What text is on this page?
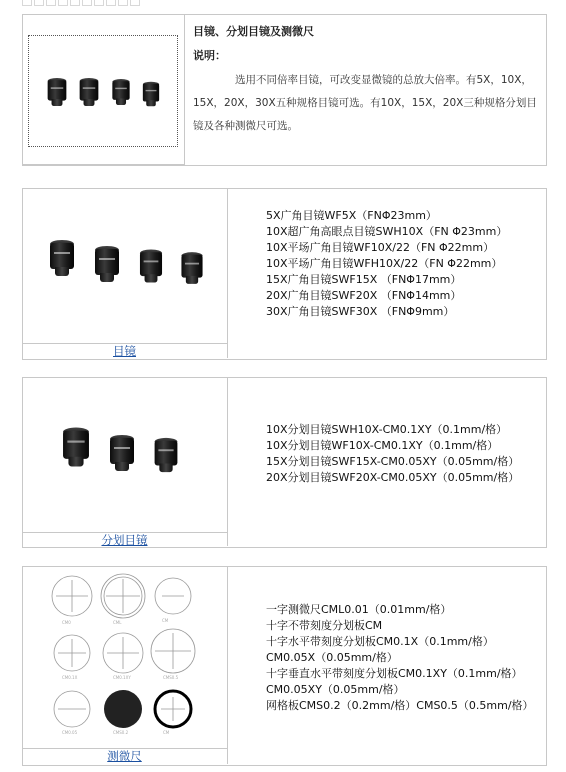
目镜、分划目镜及测微尺
说明：
选用不同倍率目镜，可改变显微镜的总放大倍率。有5X，10X，15X，20X，30X五种规格目镜可选。有10X，15X，20X三种规格分划目镜及各种测微尺可选。
目镜
5X广角目镜WF5X（FNΦ23mm）
10X超广角高眼点目镜SWH10X（FN Φ23mm）
10X平场广角目镜WF10X/22（FN Φ22mm）
10X平场广角目镜WFH10X/22（FN Φ22mm）
15X广角目镜SWF15X （FNΦ17mm）
20X广角目镜SWF20X （FNΦ14mm）
30X广角目镜SWF30X （FNΦ9mm）
分划目镜
10X分划目镜SWH10X-CM0.1XY（0.1mm/格）
10X分划目镜WF10X-CM0.1XY（0.1mm/格）
15X分划目镜SWF15X-CM0.05XY（0.05mm/格）
20X分划目镜SWF20X-CM0.05XY（0.05mm/格）
CM0	CML	CM
CM0.1X	CM0.1XY	CMS0.5
CM0.05	CMS0.2	CM
测微尺
一字测微尺CML0.01（0.01mm/格）
十字不带刻度分划板CM
十字水平带刻度分划板CM0.1X（0.1mm/格）
CM0.05X（0.05mm/格）
十字垂直水平带刻度分划板CM0.1XY（0.1mm/格）
CM0.05XY（0.05mm/格）
网格板CMS0.2（0.2mm/格）CMS0.5（0.5mm/格）
